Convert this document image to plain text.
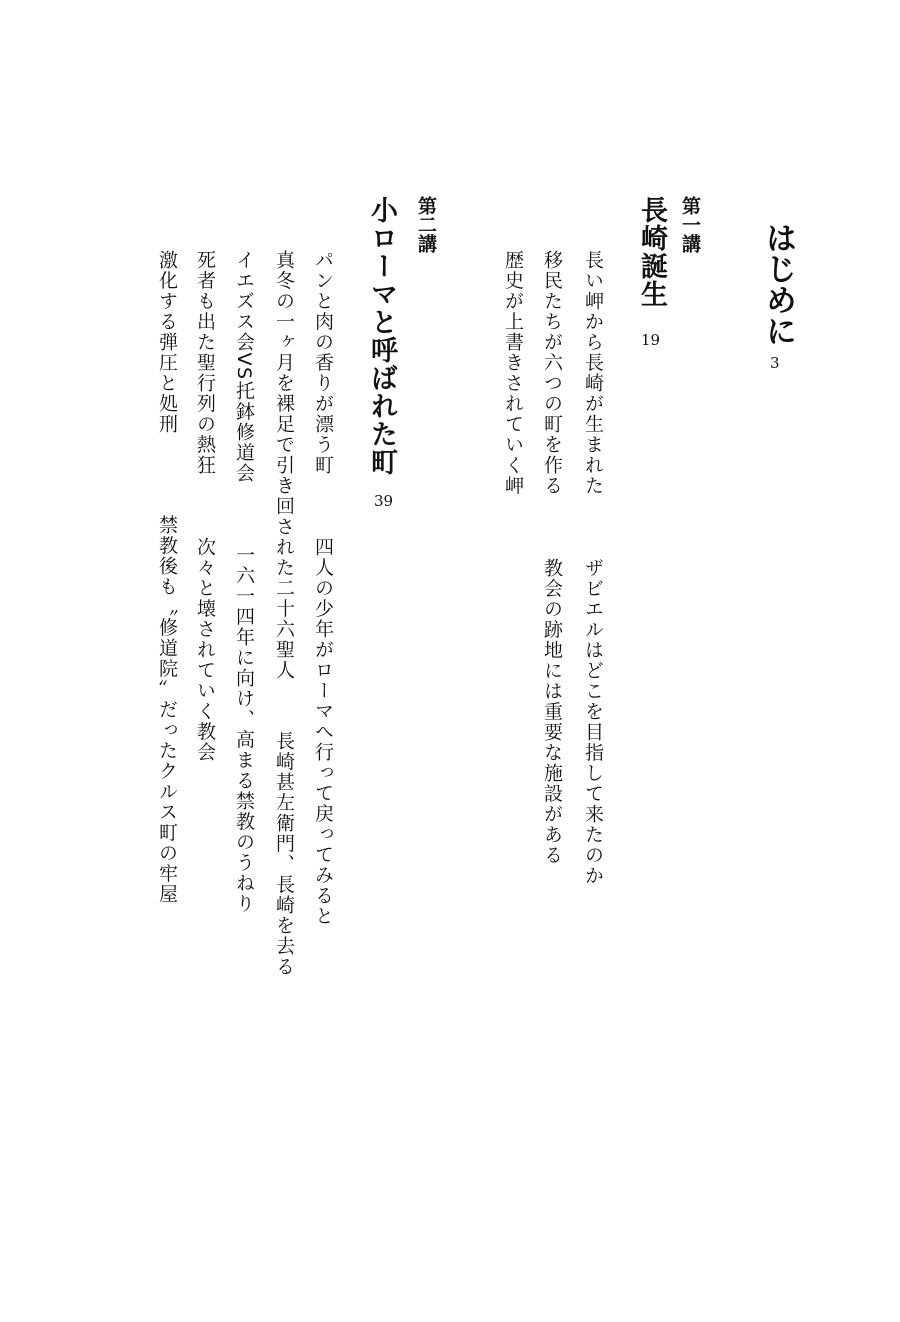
はじめに
3
第一講
長崎誕生
19
長い岬から長崎が生まれた ザビエルはどこを目指して来たのか
移民たちが六つの町を作る 教会の跡地には重要な施設がある
歴史が上書きされていく岬
第二講
小ローマと呼ばれた町
39
パンと肉の香りが漂う町 四人の少年がローマへ行って戻ってみると
真冬の一ヶ月を裸足で引き回された二十六聖人 長崎甚左衛門、長崎を去る
イエズス会VS托鉢修道会 一六一四年に向け、高まる禁教のうねり
死者も出た聖行列の熱狂 次々と壊されていく教会
激化する弾圧と処刑 禁教後も〝修道院〟だったクルス町の牢屋
